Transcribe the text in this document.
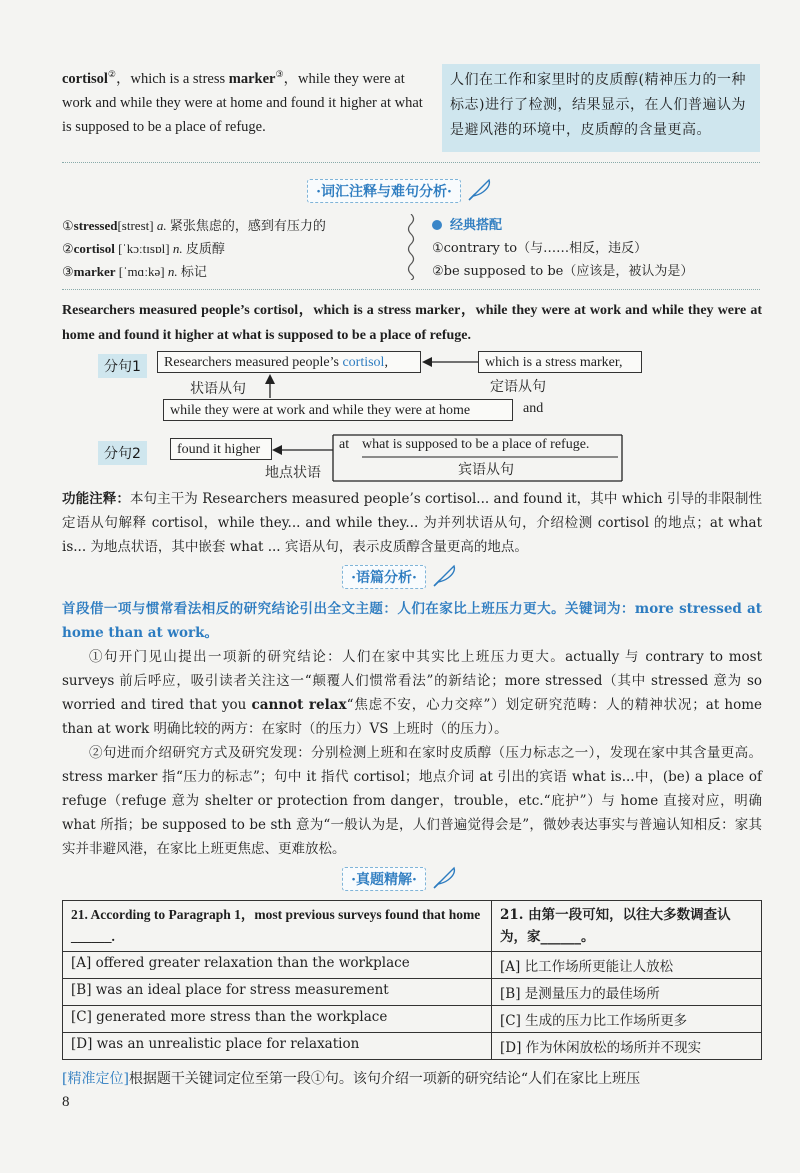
cortisol②，which is a stress marker③，while they were at work and while they were at home and found it higher at what is supposed to be a place of refuge.
人们在工作和家里时的皮质醇(精神压力的一种标志)进行了检测，结果显示，在人们普遍认为是避风港的环境中，皮质醇的含量更高。
·词汇注释与难句分析·
①stressed[strest] a. 紧张焦虑的，感到有压力的
②cortisol [ˈkɔːtɪsɒl] n. 皮质醇
③marker [ˈmɑːkə] n. 标记
经典搭配
①contrary to（与……相反，违反）
②be supposed to be（应该是，被认为是）
Researchers measured people’s cortisol，which is a stress marker，while they were at work and while they were at home and found it higher at what is supposed to be a place of refuge.
分句1	Researchers measured people’s cortisol,	which is a stress marker,
定语从句
状语从句
while they were at work and while they were at home	and
分句2	found it higher	at what is supposed to be a place of refuge.
地点状语	宾语从句
功能注释：本句主干为 Researchers measured people’s cortisol... and found it，其中 which 引导的非限制性定语从句解释 cortisol，while they... and while they... 为并列状语从句，介绍检测 cortisol 的地点；at what is... 为地点状语，其中嵌套 what ... 宾语从句，表示皮质醇含量更高的地点。
·语篇分析·
首段借一项与惯常看法相反的研究结论引出全文主题：人们在家比上班压力更大。关键词为：more stressed at home than at work。
①句开门见山提出一项新的研究结论：人们在家中其实比上班压力更大。actually 与 contrary to most surveys 前后呼应，吸引读者关注这一“颠覆人们惯常看法”的新结论；more stressed（其中 stressed 意为 so worried and tired that you cannot relax“焦虑不安，心力交瘁”）划定研究范畴：人的精神状况；at home than at work 明确比较的两方：在家时（的压力）VS 上班时（的压力）。
②句进而介绍研究方式及研究发现：分别检测上班和在家时皮质醇（压力标志之一），发现在家中其含量更高。stress marker 指“压力的标志”；句中 it 指代 cortisol；地点介词 at 引出的宾语 what is...中，(be) a place of refuge（refuge 意为 shelter or protection from danger，trouble，etc.“庇护”）与 home 直接对应，明确 what 所指；be supposed to be sth 意为“一般认为是，人们普遍觉得会是”，微妙表达事实与普遍认知相反：家其实并非避风港，在家比上班更焦虑、更难放松。
·真题精解·
21. According to Paragraph 1，most previous surveys found that home ______.	21. 由第一段可知，以往大多数调查认为，家______。
[A] offered greater relaxation than the workplace	[A] 比工作场所更能让人放松
[B] was an ideal place for stress measurement	[B] 是测量压力的最佳场所
[C] generated more stress than the workplace	[C] 生成的压力比工作场所更多
[D] was an unrealistic place for relaxation	[D] 作为休闲放松的场所并不现实
[精准定位]根据题干关键词定位至第一段①句。该句介绍一项新的研究结论“人们在家比上班压
8
